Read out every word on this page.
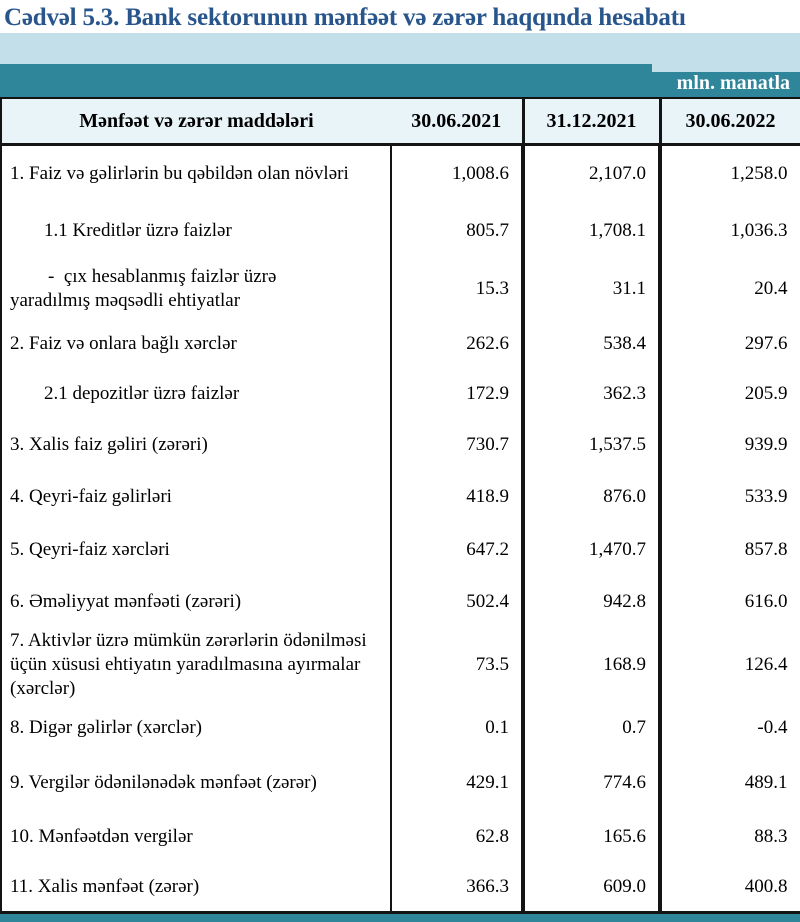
Cədvəl 5.3. Bank sektorunun mənfəət və zərər haqqında hesabatı
mln. manatla
Mənfəət və zərər maddələri	30.06.2021	31.12.2021	30.06.2022

1. Faiz və gəlirlərin bu qəbildən olan növləri	1,008.6	2,107.0	1,258.0

1.1 Kreditlər üzrə faizlər	805.7	1,708.1	1,036.3

-  çıx hesablanmış faizlər üzrə
yaradılmış məqsədli ehtiyatlar	15.3	31.1	20.4

2. Faiz və onlara bağlı xərclər	262.6	538.4	297.6

2.1 depozitlər üzrə faizlər	172.9	362.3	205.9

3. Xalis faiz gəliri (zərəri)	730.7	1,537.5	939.9

4. Qeyri-faiz gəlirləri	418.9	876.0	533.9

5. Qeyri-faiz xərcləri	647.2	1,470.7	857.8

6. Əməliyyat mənfəəti (zərəri)	502.4	942.8	616.0

7. Aktivlər üzrə mümkün zərərlərin ödənilməsi
üçün xüsusi ehtiyatın yaradılmasına ayırmalar
(xərclər)	73.5	168.9	126.4

8. Digər gəlirlər (xərclər)	0.1	0.7	-0.4

9. Vergilər ödənilənədək mənfəət (zərər)	429.1	774.6	489.1

10. Mənfəətdən vergilər	62.8	165.6	88.3

11. Xalis mənfəət (zərər)	366.3	609.0	400.8
